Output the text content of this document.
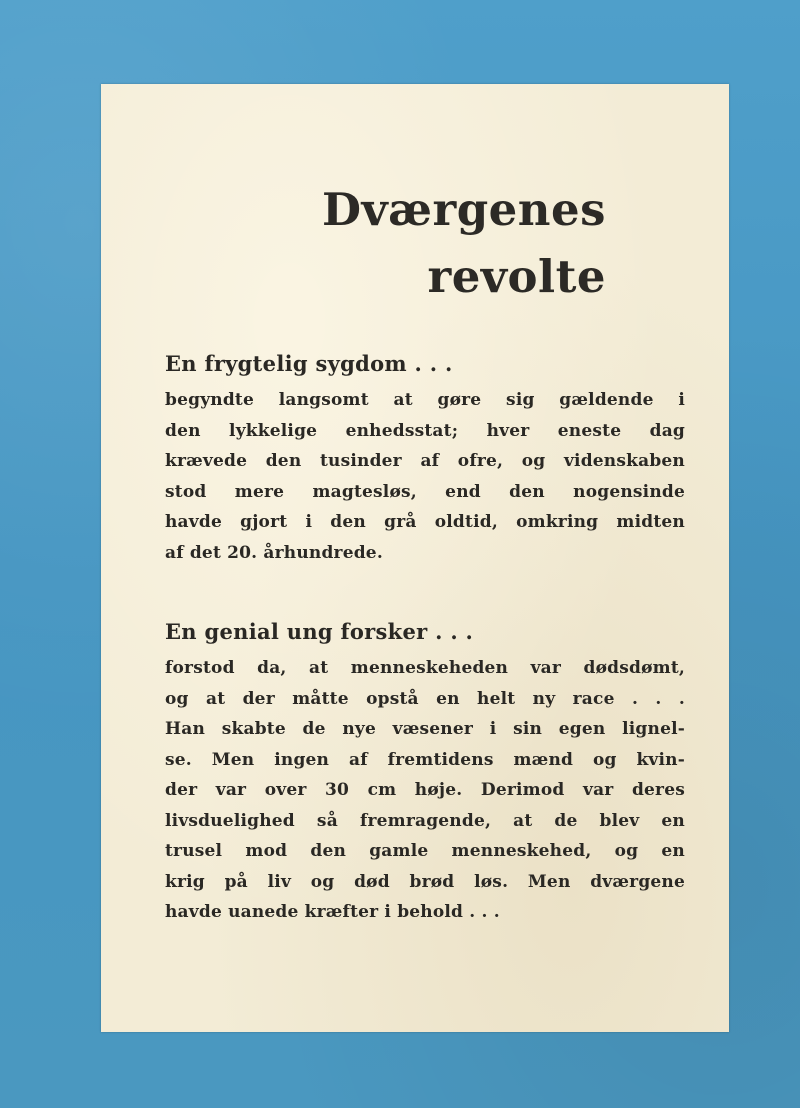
Dværgenes
revolte
En frygtelig sygdom . . .
begyndte langsomt at gøre sig gældende i
den lykkelige enhedsstat; hver eneste dag
krævede den tusinder af ofre, og videnskaben
stod mere magtesløs, end den nogensinde
havde gjort i den grå oldtid, omkring midten
af det 20. århundrede.
En genial ung forsker . . .
forstod da, at menneskeheden var dødsdømt,
og at der måtte opstå en helt ny race . . .
Han skabte de nye væsener i sin egen lignel-
se. Men ingen af fremtidens mænd og kvin-
der var over 30 cm høje. Derimod var deres
livsduelighed så fremragende, at de blev en
trusel mod den gamle menneskehed, og en
krig på liv og død brød løs. Men dværgene
havde uanede kræfter i behold . . .
